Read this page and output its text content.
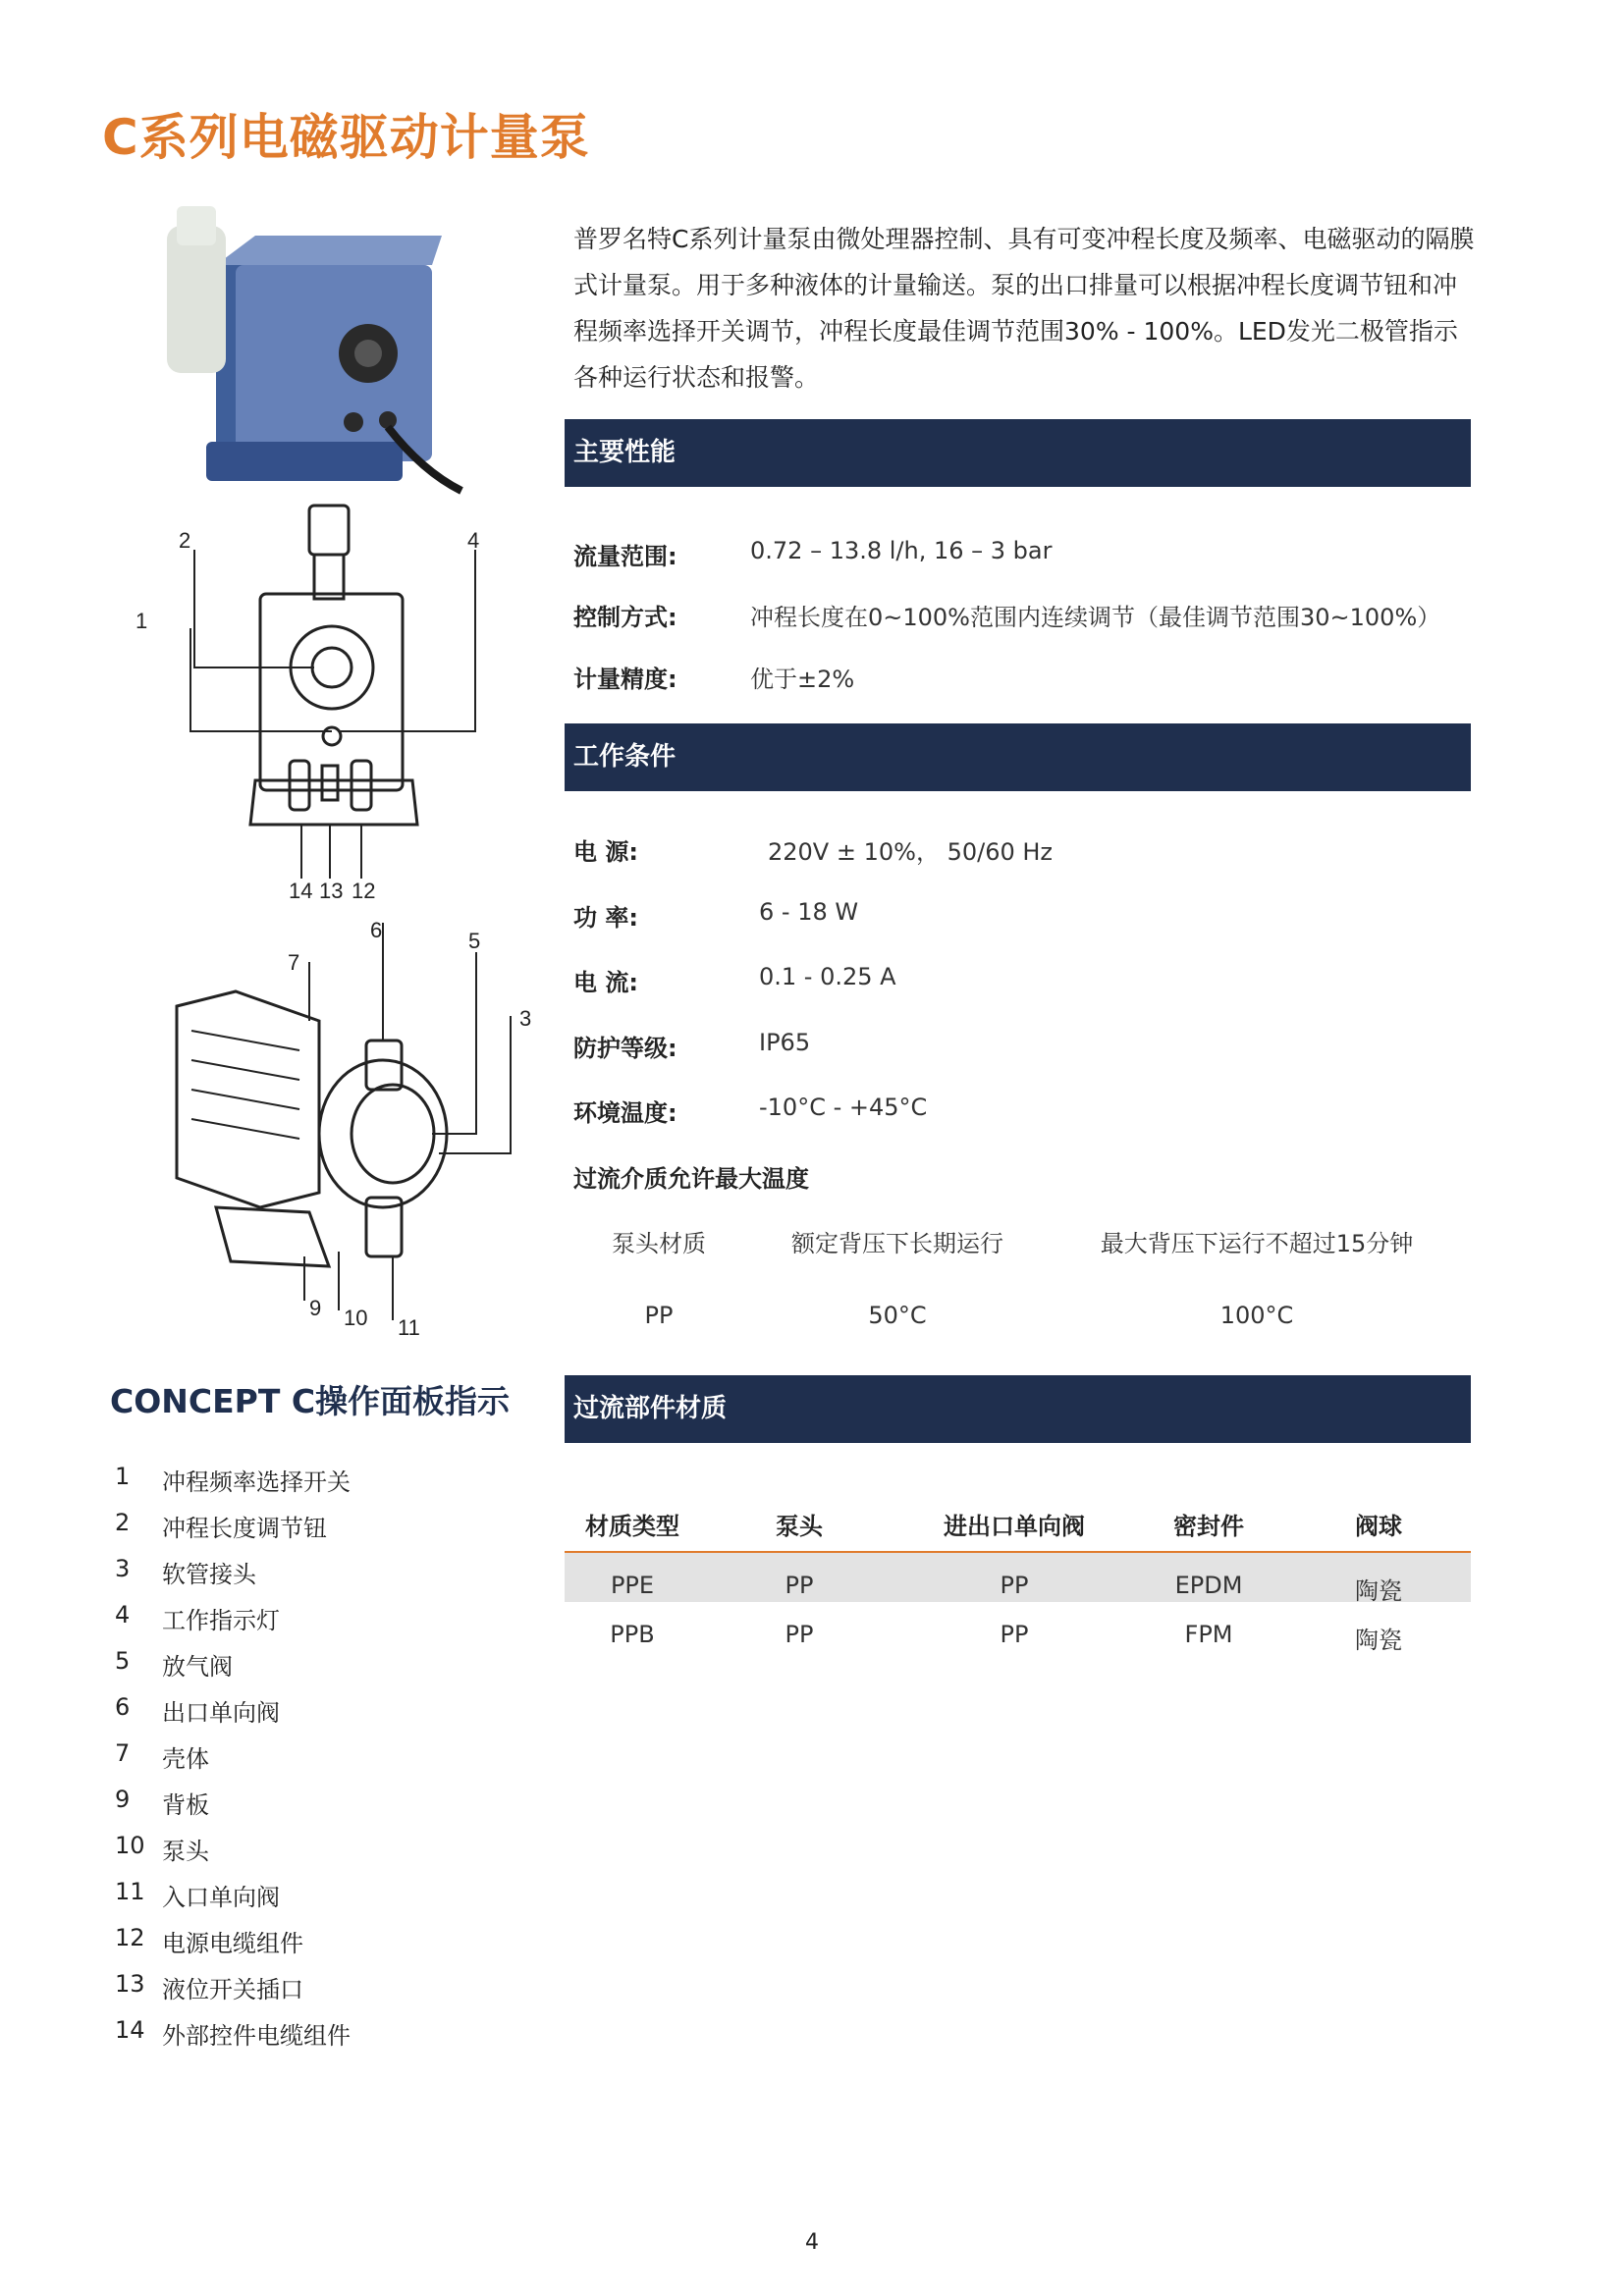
C系列电磁驱动计量泵
普罗名特C系列计量泵由微处理器控制、具有可变冲程长度及频率、电磁驱动的隔膜式计量泵。用于多种液体的计量输送。泵的出口排量可以根据冲程长度调节钮和冲程频率选择开关调节，冲程长度最佳调节范围30% - 100%。LED发光二极管指示各种运行状态和报警。
1
2	4
14 13 12
6	5
3
7
9 10 11
主要性能
流量范围:	0.72 – 13.8 l/h, 16 – 3 bar
控制方式:	冲程长度在0~100%范围内连续调节（最佳调节范围30~100%）
计量精度:	优于±2%
工作条件
电 源:	220V ± 10%， 50/60 Hz
功 率:	6 - 18 W
电 流:	0.1 - 0.25 A
防护等级:	IP65
环境温度:	-10°C - +45°C
过流介质允许最大温度
泵头材质	额定背压下长期运行	最大背压下运行不超过15分钟
PP	50°C	100°C
过流部件材质
材质类型	泵头	进出口单向阀	密封件	阀球
PPE	PP	PP	EPDM	陶瓷
PPB	PP	PP	FPM	陶瓷
CONCEPT C操作面板指示
1	冲程频率选择开关
2	冲程长度调节钮
3	软管接头
4	工作指示灯
5	放气阀
6	出口单向阀
7	壳体
9	背板
10 泵头
11 入口单向阀
12 电源电缆组件
13 液位开关插口
14 外部控件电缆组件
4
